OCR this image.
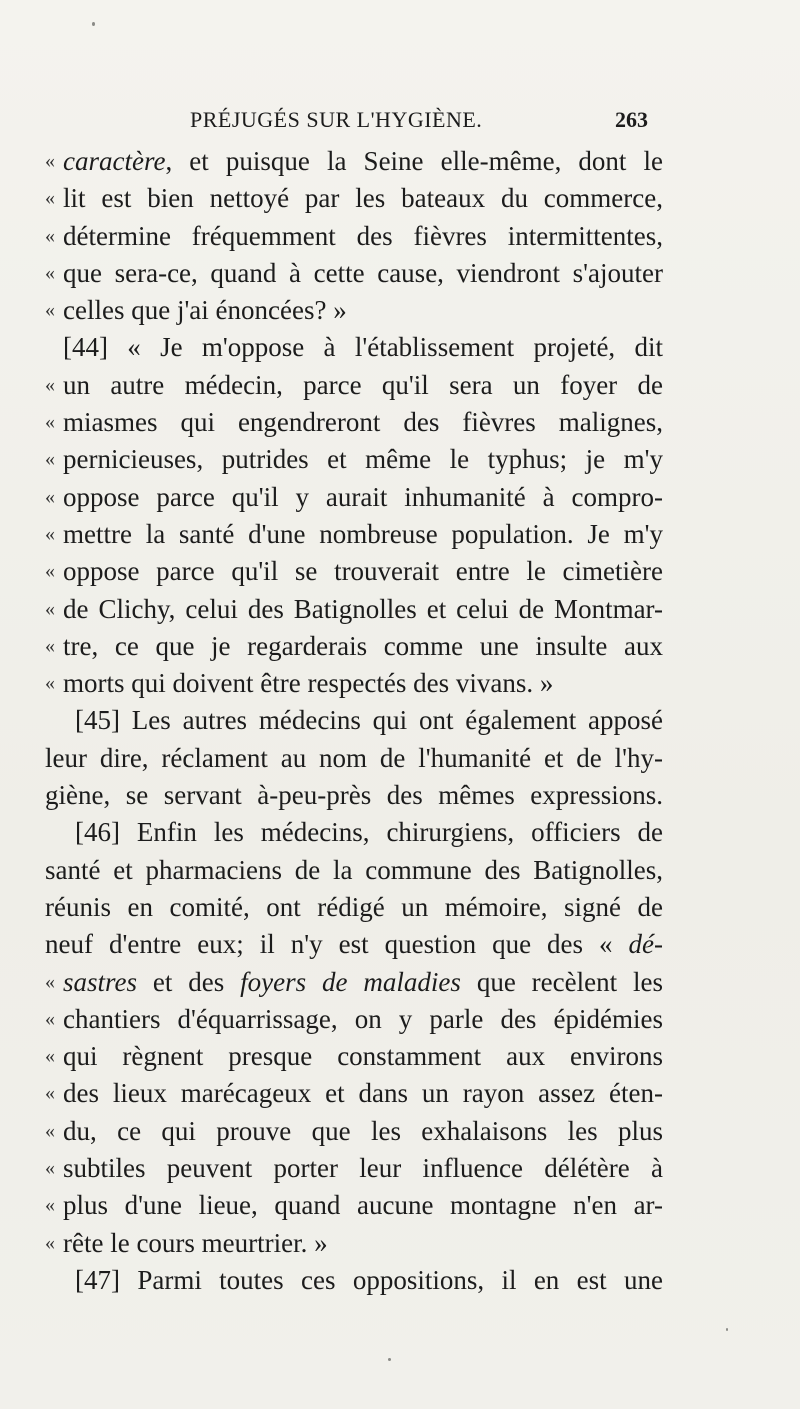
PRÉJUGÉS SUR L'HYGIÈNE.	263
« caractère, et puisque la Seine elle-même, dont le
« lit est bien nettoyé par les bateaux du commerce,
« détermine fréquemment des fièvres intermittentes,
« que sera-ce, quand à cette cause, viendront s'ajouter
« celles que j'ai énoncées? »
[44] « Je m'oppose à l'établissement projeté, dit
« un autre médecin, parce qu'il sera un foyer de
« miasmes qui engendreront des fièvres malignes,
« pernicieuses, putrides et même le typhus; je m'y
« oppose parce qu'il y aurait inhumanité à compro-
« mettre la santé d'une nombreuse population. Je m'y
« oppose parce qu'il se trouverait entre le cimetière
« de Clichy, celui des Batignolles et celui de Montmar-
« tre, ce que je regarderais comme une insulte aux
« morts qui doivent être respectés des vivans. »
[45] Les autres médecins qui ont également apposé
leur dire, réclament au nom de l'humanité et de l'hy-
giène, se servant à-peu-près des mêmes expressions.
[46] Enfin les médecins, chirurgiens, officiers de
santé et pharmaciens de la commune des Batignolles,
réunis en comité, ont rédigé un mémoire, signé de
neuf d'entre eux; il n'y est question que des « dé-
« sastres et des foyers de maladies que recèlent les
« chantiers d'équarrissage, on y parle des épidémies
« qui règnent presque constamment aux environs
« des lieux marécageux et dans un rayon assez éten-
« du, ce qui prouve que les exhalaisons les plus
« subtiles peuvent porter leur influence délétère à
« plus d'une lieue, quand aucune montagne n'en ar-
« rête le cours meurtrier. »
[47] Parmi toutes ces oppositions, il en est une
